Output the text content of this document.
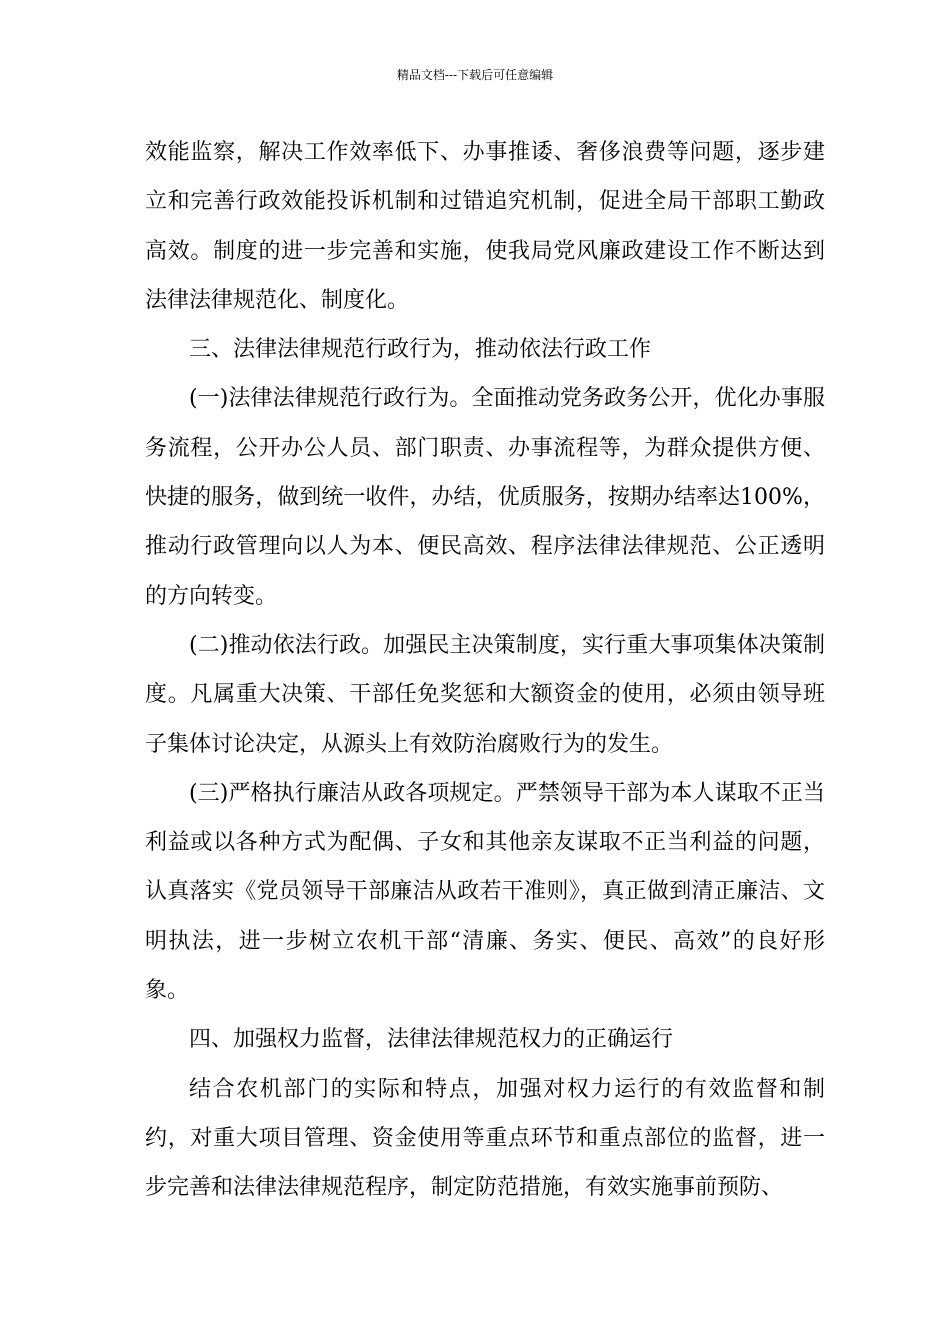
精品文档---下载后可任意编辑

效能监察，解决工作效率低下、办事推诿、奢侈浪费等问题，逐步建立和完善行政效能投诉机制和过错追究机制，促进全局干部职工勤政高效。制度的进一步完善和实施，使我局党风廉政建设工作不断达到法律法律规范化、制度化。

三、法律法律规范行政行为，推动依法行政工作

(一)法律法律规范行政行为。全面推动党务政务公开，优化办事服务流程，公开办公人员、部门职责、办事流程等，为群众提供方便、快捷的服务，做到统一收件，办结，优质服务，按期办结率达100%，推动行政管理向以人为本、便民高效、程序法律法律规范、公正透明的方向转变。

(二)推动依法行政。加强民主决策制度，实行重大事项集体决策制度。凡属重大决策、干部任免奖惩和大额资金的使用，必须由领导班子集体讨论决定，从源头上有效防治腐败行为的发生。

(三)严格执行廉洁从政各项规定。严禁领导干部为本人谋取不正当利益或以各种方式为配偶、子女和其他亲友谋取不正当利益的问题，认真落实《党员领导干部廉洁从政若干准则》，真正做到清正廉洁、文明执法，进一步树立农机干部“清廉、务实、便民、高效”的良好形象。

四、加强权力监督，法律法律规范权力的正确运行

结合农机部门的实际和特点，加强对权力运行的有效监督和制约，对重大项目管理、资金使用等重点环节和重点部位的监督，进一步完善和法律法律规范程序，制定防范措施，有效实施事前预防、
